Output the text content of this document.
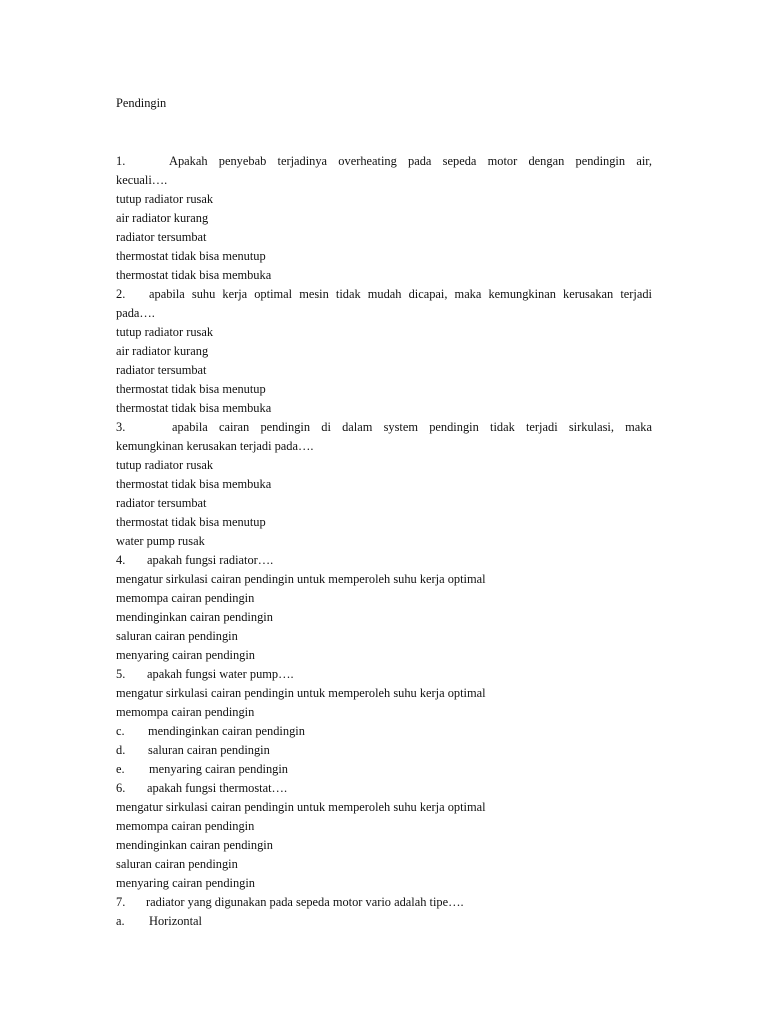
Pendingin
1.	Apakah penyebab terjadinya overheating pada sepeda motor dengan pendingin air,
kecuali….
tutup radiator rusak
air radiator kurang
radiator tersumbat
thermostat tidak bisa menutup
thermostat tidak bisa membuka
2.	apabila suhu kerja optimal mesin tidak mudah dicapai, maka kemungkinan kerusakan terjadi
pada….
tutup radiator rusak
air radiator kurang
radiator tersumbat
thermostat tidak bisa menutup
thermostat tidak bisa membuka
3.	apabila cairan pendingin di dalam system pendingin tidak terjadi sirkulasi, maka
kemungkinan kerusakan terjadi pada….
tutup radiator rusak
thermostat tidak bisa membuka
radiator tersumbat
thermostat tidak bisa menutup
water pump rusak
4.	apakah fungsi radiator….
mengatur sirkulasi cairan pendingin untuk memperoleh suhu kerja optimal
memompa cairan pendingin
mendinginkan cairan pendingin
saluran cairan pendingin
menyaring cairan pendingin
5.	apakah fungsi water pump….
mengatur sirkulasi cairan pendingin untuk memperoleh suhu kerja optimal
memompa cairan pendingin
c. mendinginkan cairan pendingin
d. saluran cairan pendingin
e. menyaring cairan pendingin
6.	apakah fungsi thermostat….
mengatur sirkulasi cairan pendingin untuk memperoleh suhu kerja optimal
memompa cairan pendingin
mendinginkan cairan pendingin
saluran cairan pendingin
menyaring cairan pendingin
7.	radiator yang digunakan pada sepeda motor vario adalah tipe….
a. Horizontal
